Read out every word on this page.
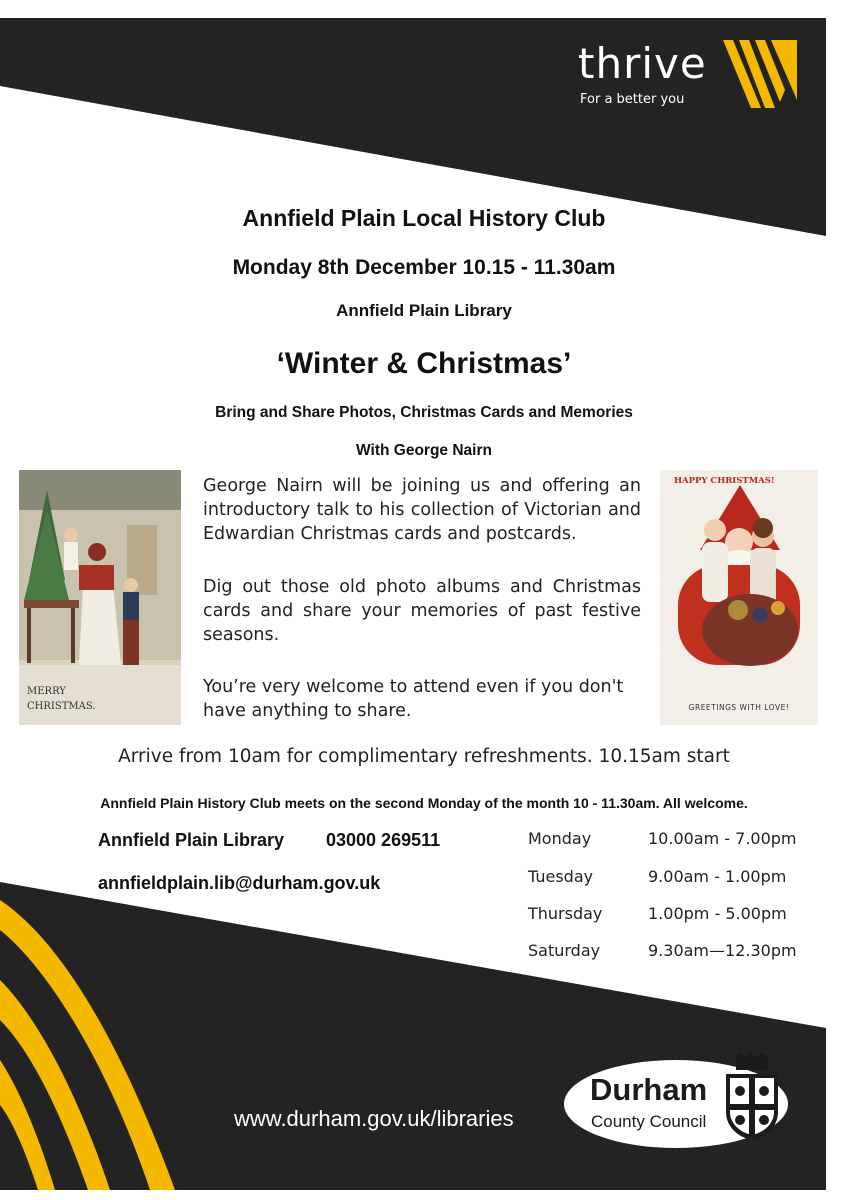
thrive
For a better you
Annfield Plain Local History Club
Monday 8th December 10.15 - 11.30am
Annfield Plain Library
‘Winter & Christmas’
Bring and Share Photos, Christmas Cards and Memories
With George Nairn
MERRY CHRISTMAS.
HAPPY CHRISTMAS!
GREETINGS WITH LOVE!
George Nairn will be joining us and offering an introductory talk to his collection of Victorian and Edwardian Christmas cards and postcards.
Dig out those old photo albums and Christmas cards and share your memories of past festive seasons.
You’re very welcome to attend even if you don't have anything to share.
Arrive from 10am for complimentary refreshments. 10.15am start
Annfield Plain History Club meets on the second Monday of the month 10 - 11.30am. All welcome.
Annfield Plain Library 03000 269511
annfieldplain.lib@durham.gov.uk
Monday	10.00am - 7.00pm
Tuesday	9.00am - 1.00pm
Thursday	1.00pm - 5.00pm
Saturday	9.30am—12.30pm
www.durham.gov.uk/libraries
Durham
County Council
